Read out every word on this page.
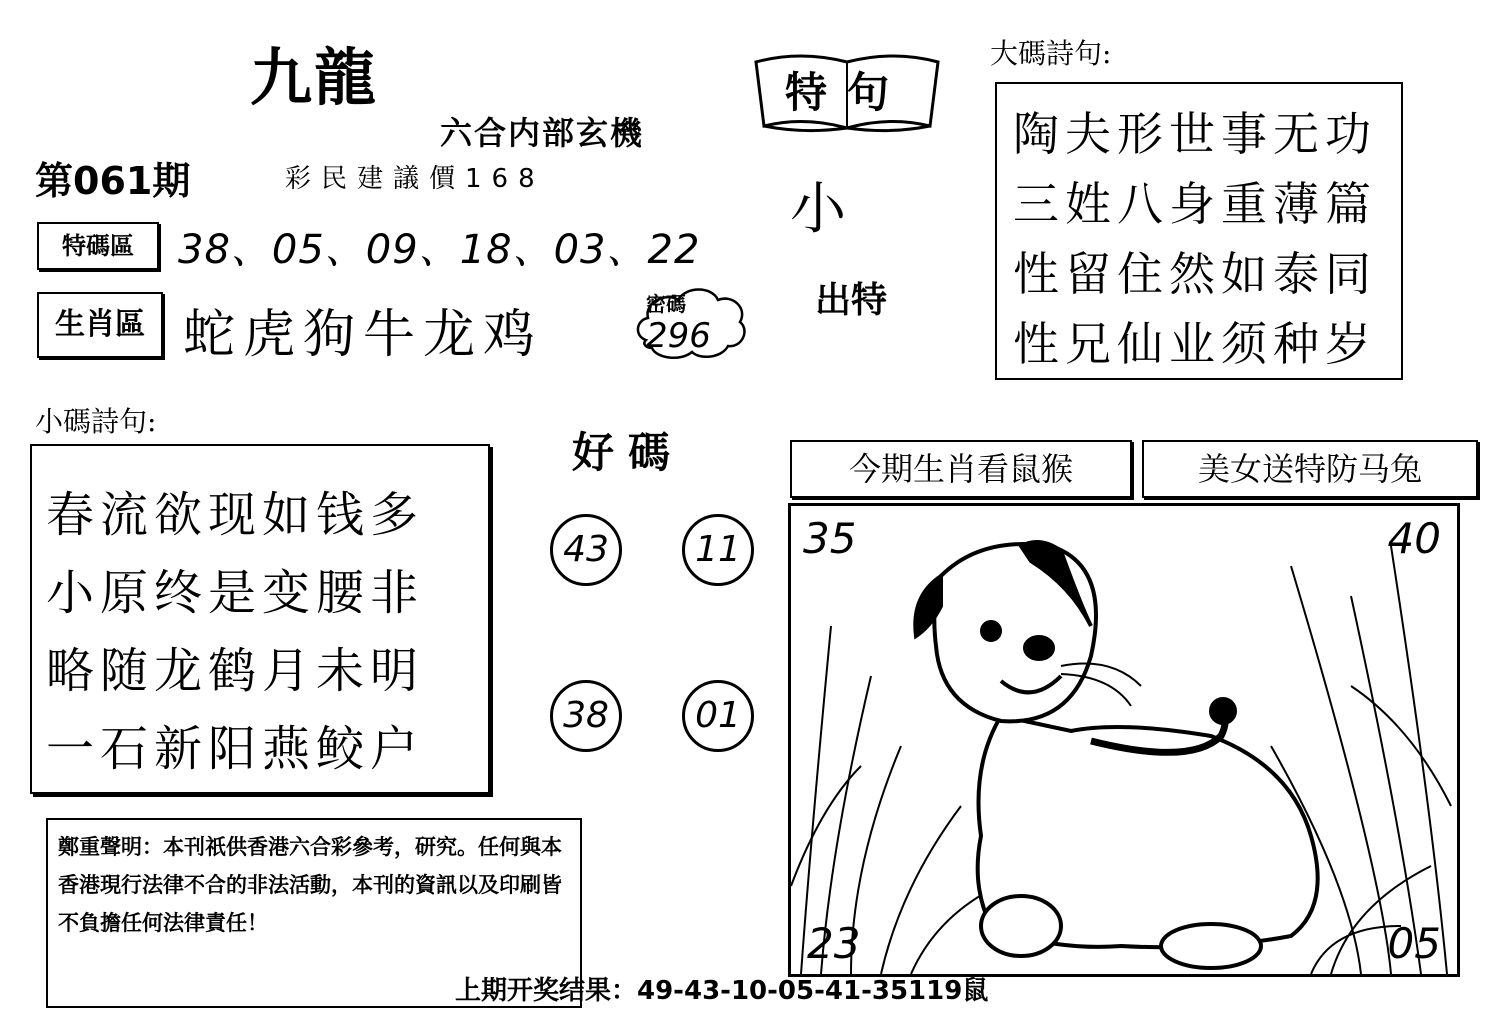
九龍
六合内部玄機
第061期	彩民建議價168
特碼區	38、05、09、18、03、22
生肖區 蛇虎狗牛龙鸡
密碼
296
特句
小
出特
大碼詩句:
陶夫形世事无功
三姓八身重薄篇
性留住然如泰同
性兄仙业须种岁
小碼詩句:
春流欲现如钱多
小原终是变腰非
略随龙鹤月未明
一石新阳燕鲛户
好碼
43	11
38	01
今期生肖看鼠猴	美女送特防马兔
35	40
23	05
鄭重聲明：本刊祇供香港六合彩參考，研究。任何與本香港現行法律不合的非法活動，本刊的資訊以及印刷皆不負擔任何法律責任！
上期开奖结果：49-43-10-05-41-35119鼠
